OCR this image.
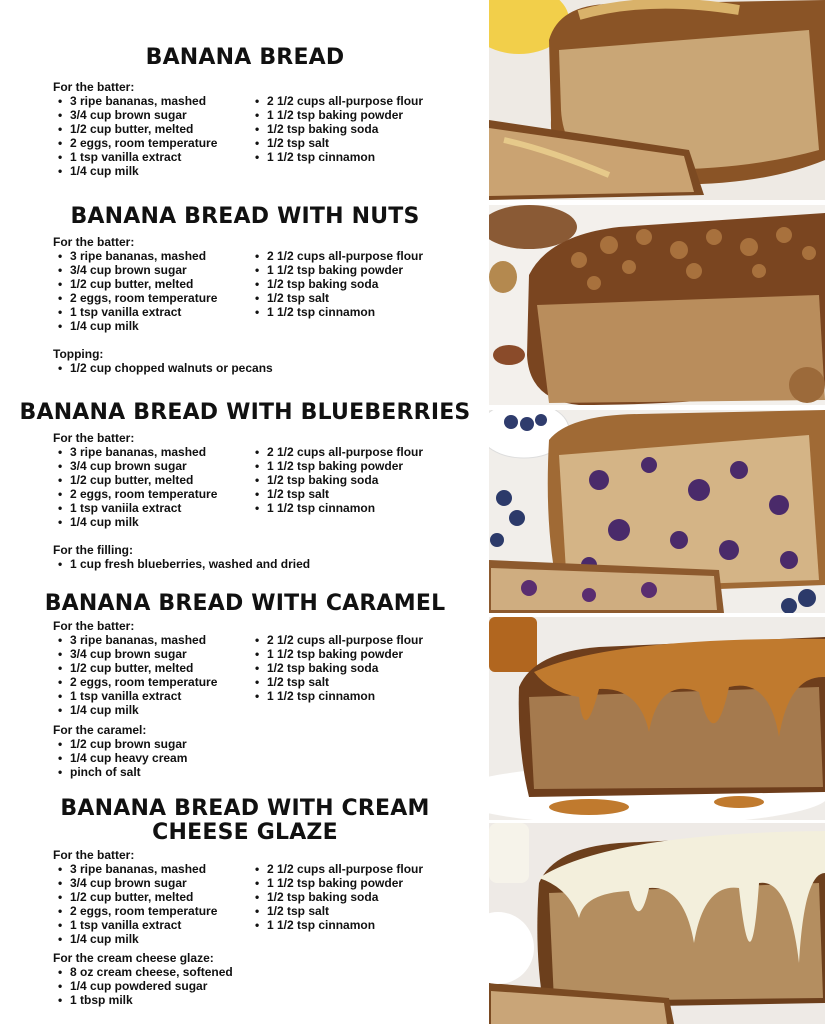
BANANA BREAD
For the batter:
• 3 ripe bananas, mashed
• 3/4 cup brown sugar
• 1/2 cup butter, melted
• 2 eggs, room temperature
• 1 tsp vanilla extract
• 1/4 cup milk
• 2 1/2 cups all-purpose flour
• 1 1/2 tsp baking powder
• 1/2 tsp baking soda
• 1/2 tsp salt
• 1 1/2 tsp cinnamon
BANANA BREAD WITH NUTS
For the batter:
• 3 ripe bananas, mashed
• 3/4 cup brown sugar
• 1/2 cup butter, melted
• 2 eggs, room temperature
• 1 tsp vanilla extract
• 1/4 cup milk
• 2 1/2 cups all-purpose flour
• 1 1/2 tsp baking powder
• 1/2 tsp baking soda
• 1/2 tsp salt
• 1 1/2 tsp cinnamon
Topping:
• 1/2 cup chopped walnuts or pecans
BANANA BREAD WITH BLUEBERRIES
For the batter:
• 3 ripe bananas, mashed
• 3/4 cup brown sugar
• 1/2 cup butter, melted
• 2 eggs, room temperature
• 1 tsp vaniila extract
• 1/4 cup milk
• 2 1/2 cups all-purpose flour
• 1 1/2 tsp baking powder
• 1/2 tsp baking soda
• 1/2 tsp salt
• 1 1/2 tsp cinnamon
For the filling:
• 1 cup fresh blueberries, washed and dried
BANANA BREAD WITH CARAMEL
For the batter:
• 3 ripe bananas, mashed
• 3/4 cup brown sugar
• 1/2 cup butter, melted
• 2 eggs, room temperature
• 1 tsp vanilla extract
• 1/4 cup milk
• 2 1/2 cups all-purpose flour
• 1 1/2 tsp baking powder
• 1/2 tsp baking soda
• 1/2 tsp salt
• 1 1/2 tsp cinnamon
For the caramel:
• 1/2 cup brown sugar
• 1/4 cup heavy cream
• pinch of salt
BANANA BREAD WITH CREAM
CHEESE GLAZE
For the batter:
• 3 ripe bananas, mashed
• 3/4 cup brown sugar
• 1/2 cup butter, melted
• 2 eggs, room temperature
• 1 tsp vanilla extract
• 1/4 cup milk
• 2 1/2 cups all-purpose flour
• 1 1/2 tsp baking powder
• 1/2 tsp baking soda
• 1/2 tsp salt
• 1 1/2 tsp cinnamon
For the cream cheese glaze:
• 8 oz cream cheese, softened
• 1/4 cup powdered sugar
• 1 tbsp milk
